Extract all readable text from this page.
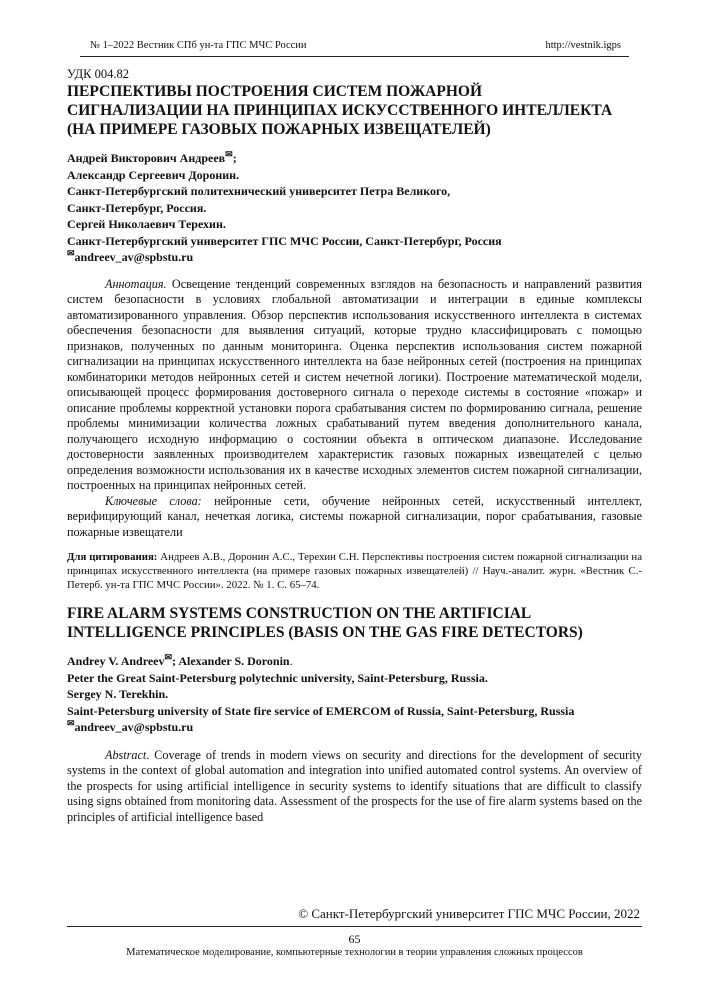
№ 1–2022 Вестник СПб ун-та ГПС МЧС России	http://vestnik.igps
УДК 004.82
ПЕРСПЕКТИВЫ ПОСТРОЕНИЯ СИСТЕМ ПОЖАРНОЙ
СИГНАЛИЗАЦИИ НА ПРИНЦИПАХ ИСКУССТВЕННОГО ИНТЕЛЛЕКТА
(НА ПРИМЕРЕ ГАЗОВЫХ ПОЖАРНЫХ ИЗВЕЩАТЕЛЕЙ)
Андрей Викторович Андреев✉;
Александр Сергеевич Доронин.
Санкт-Петербургский политехнический университет Петра Великого,
Санкт-Петербург, Россия.
Сергей Николаевич Терехин.
Санкт-Петербургский университет ГПС МЧС России, Санкт-Петербург, Россия
✉andreev_av@spbstu.ru

Аннотация. Освещение тенденций современных взглядов на безопасность и направлений развития систем безопасности в условиях глобальной автоматизации и интеграции в единые комплексы автоматизированного управления. Обзор перспектив использования искусственного интеллекта в системах обеспечения безопасности для выявления ситуаций, которые трудно классифицировать с помощью признаков, полученных по данным мониторинга. Оценка перспектив использования систем пожарной сигнализации на принципах искусственного интеллекта на базе нейронных сетей (построения на принципах комбинаторики методов нейронных сетей и систем нечетной логики). Построение математической модели, описывающей процесс формирования достоверного сигнала о переходе системы в состояние «пожар» и описание проблемы корректной установки порога срабатывания систем по формированию сигнала, решение проблемы минимизации количества ложных срабатываний путем введения дополнительного канала, получающего исходную информацию о состоянии объекта в оптическом диапазоне. Исследование достоверности заявленных производителем характеристик газовых пожарных извещателей с целью определения возможности использования их в качестве исходных элементов систем пожарной сигнализации, построенных на принципах нейронных сетей.

Ключевые слова: нейронные сети, обучение нейронных сетей, искусственный интеллект, верифицирующий канал, нечеткая логика, системы пожарной сигнализации, порог срабатывания, газовые пожарные извещатели

Для цитирования: Андреев А.В., Доронин А.С., Терехин С.Н. Перспективы построения систем пожарной сигнализации на принципах искусственного интеллекта (на примере газовых пожарных извещателей) // Науч.-аналит. журн. «Вестник С.-Петерб. ун-та ГПС МЧС России». 2022. № 1. С. 65–74.

FIRE ALARM SYSTEMS CONSTRUCTION ON THE ARTIFICIAL
INTELLIGENCE PRINCIPLES (BASIS ON THE GAS FIRE DETECTORS)
Andrey V. Andreev✉; Alexander S. Doronin.
Peter the Great Saint-Petersburg polytechnic university, Saint-Petersburg, Russia.
Sergey N. Terekhin.
Saint-Petersburg university of State fire service of EMERCOM of Russia, Saint-Petersburg, Russia
✉andreev_av@spbstu.ru

Abstract. Coverage of trends in modern views on security and directions for the development of security systems in the context of global automation and integration into unified automated control systems. An overview of the prospects for using artificial intelligence in security systems to identify situations that are difficult to classify using signs obtained from monitoring data. Assessment of the prospects for the use of fire alarm systems based on the principles of artificial intelligence based

© Санкт-Петербургский университет ГПС МЧС России, 2022
65
Математическое моделирование, компьютерные технологии в теории управления сложных процессов
